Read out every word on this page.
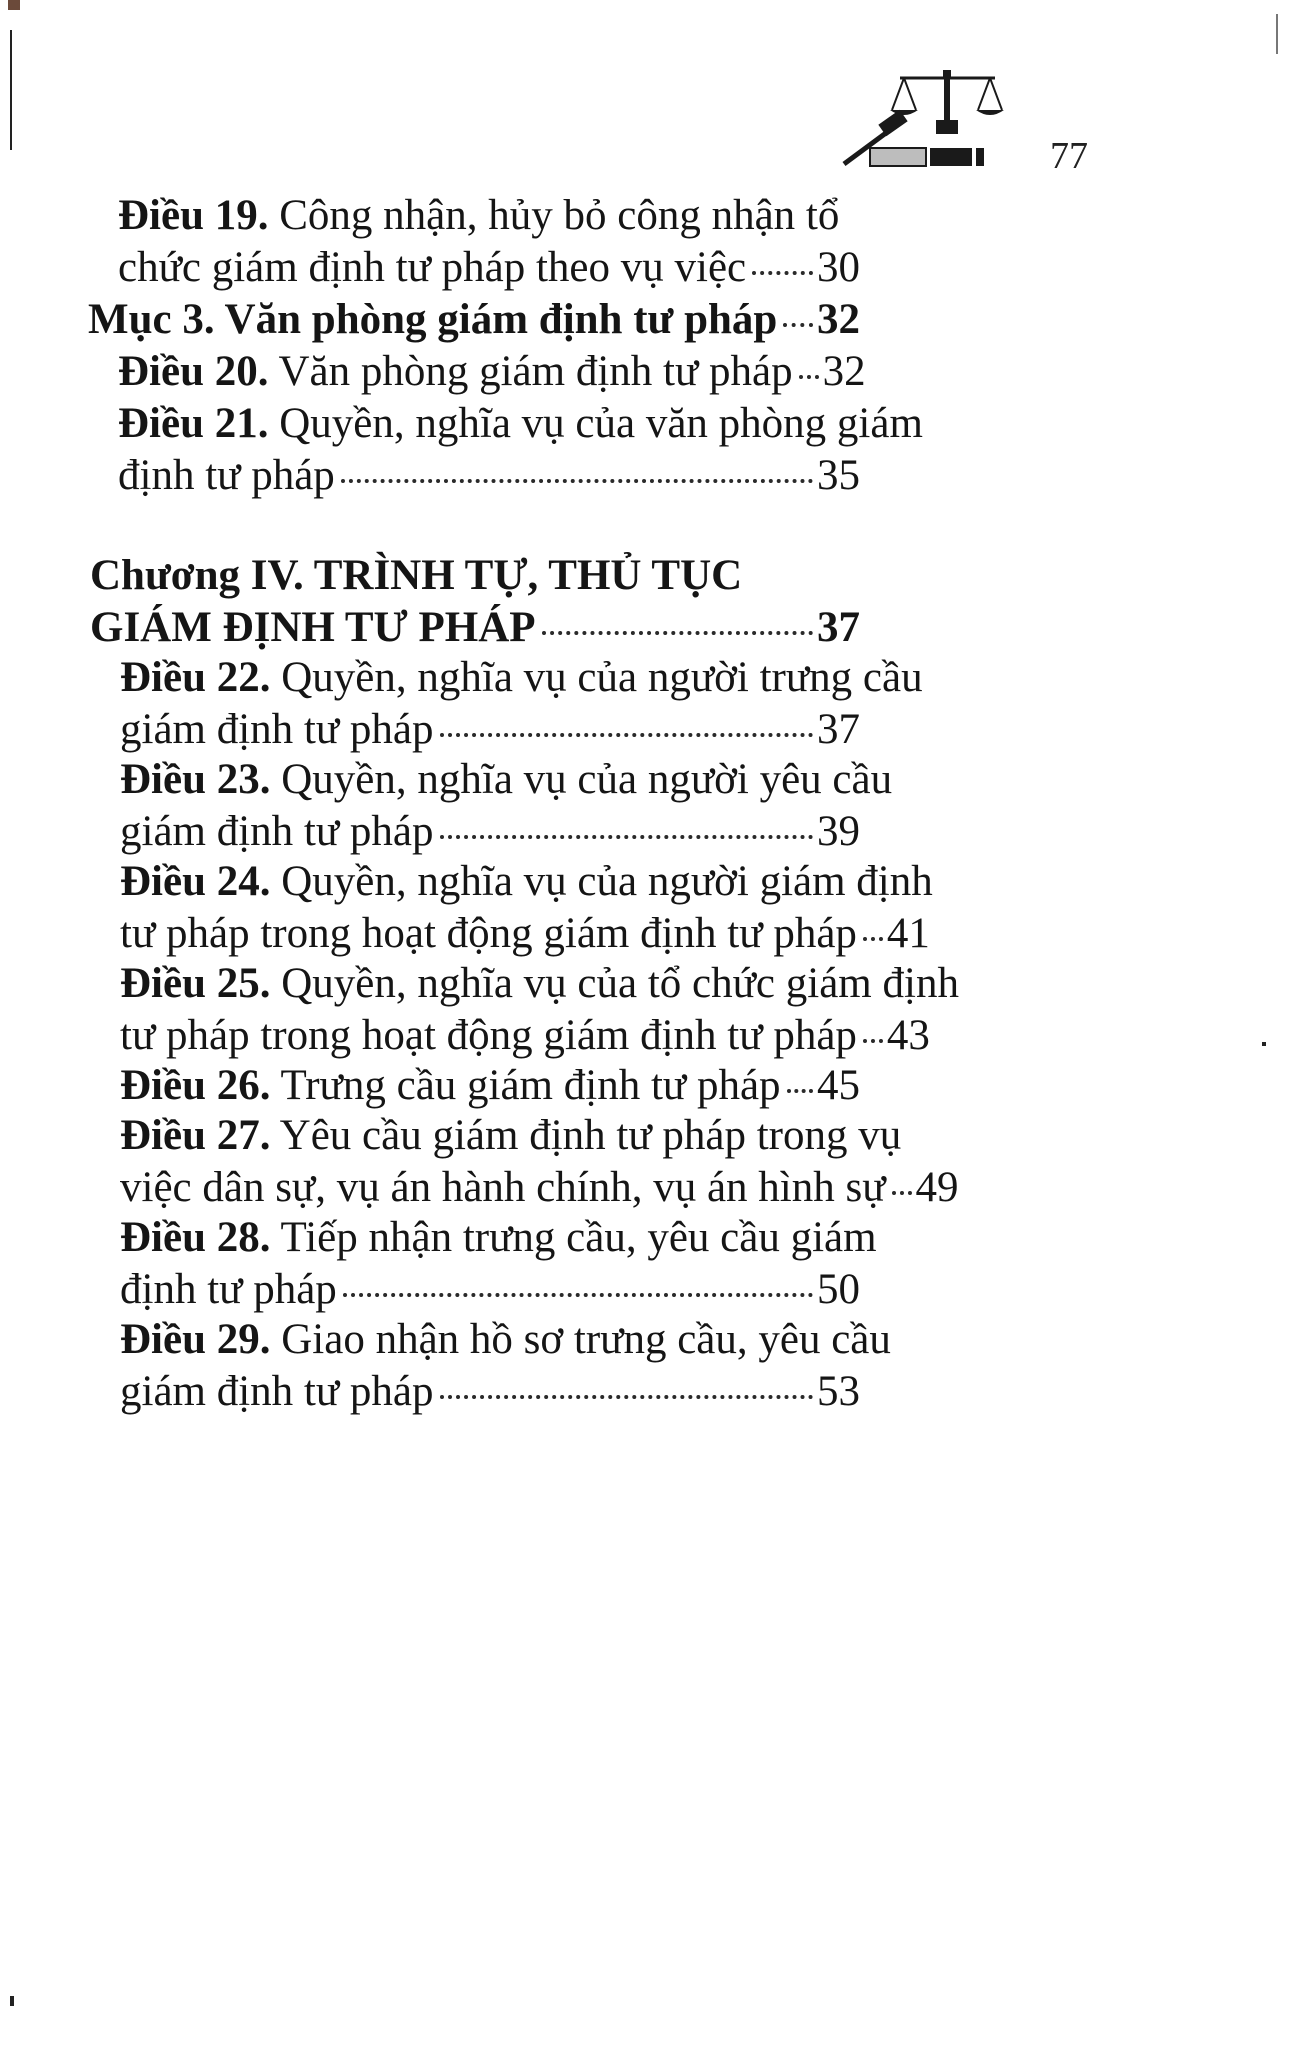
77
Điều 19. Công nhận, hủy bỏ công nhận tổ
chức giám định tư pháp theo vụ việc 30
Mục 3. Văn phòng giám định tư pháp 32
Điều 20. Văn phòng giám định tư pháp 32
Điều 21. Quyền, nghĩa vụ của văn phòng giám
định tư pháp	35
Chương IV. TRÌNH TỰ, THỦ TỤC
GIÁM ĐỊNH TƯ PHÁP	37
Điều 22. Quyền, nghĩa vụ của người trưng cầu
giám định tư pháp	37
Điều 23. Quyền, nghĩa vụ của người yêu cầu
giám định tư pháp	39
Điều 24. Quyền, nghĩa vụ của người giám định
tư pháp trong hoạt động giám định tư pháp 41
Điều 25. Quyền, nghĩa vụ của tổ chức giám định
tư pháp trong hoạt động giám định tư pháp 43
Điều 26. Trưng cầu giám định tư pháp 45
Điều 27. Yêu cầu giám định tư pháp trong vụ
việc dân sự, vụ án hành chính, vụ án hình sự 49
Điều 28. Tiếp nhận trưng cầu, yêu cầu giám
định tư pháp	50
Điều 29. Giao nhận hồ sơ trưng cầu, yêu cầu
giám định tư pháp	53
